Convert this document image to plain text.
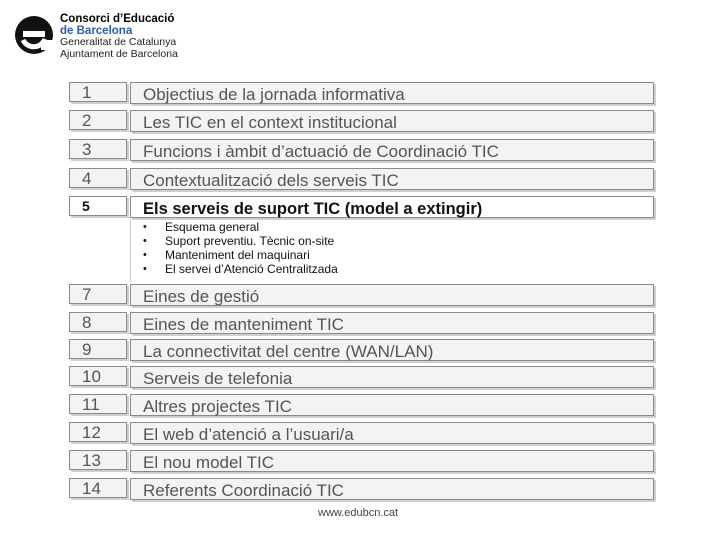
Consorci d’Educació
de Barcelona
Generalitat de Catalunya
Ajuntament de Barcelona
1	Objectius de la jornada informativa
2	Les TIC en el context institucional
3	Funcions i àmbit d’actuació de Coordinació TIC
4	Contextualització dels serveis TIC
5	Els serveis de suport TIC (model a extingir)
• Esquema general
• Suport preventiu. Tècnic on-site
• Manteniment del maquinari
• El servei d’Atenció Centralitzada
7	Eines de gestió
8	Eines de manteniment TIC
9	La connectivitat del centre (WAN/LAN)
10	Serveis de telefonia
11	Altres projectes TIC
12	El web d’atenció a l’usuari/a
13	El nou model TIC
14	Referents Coordinació TIC
www.edubcn.cat
